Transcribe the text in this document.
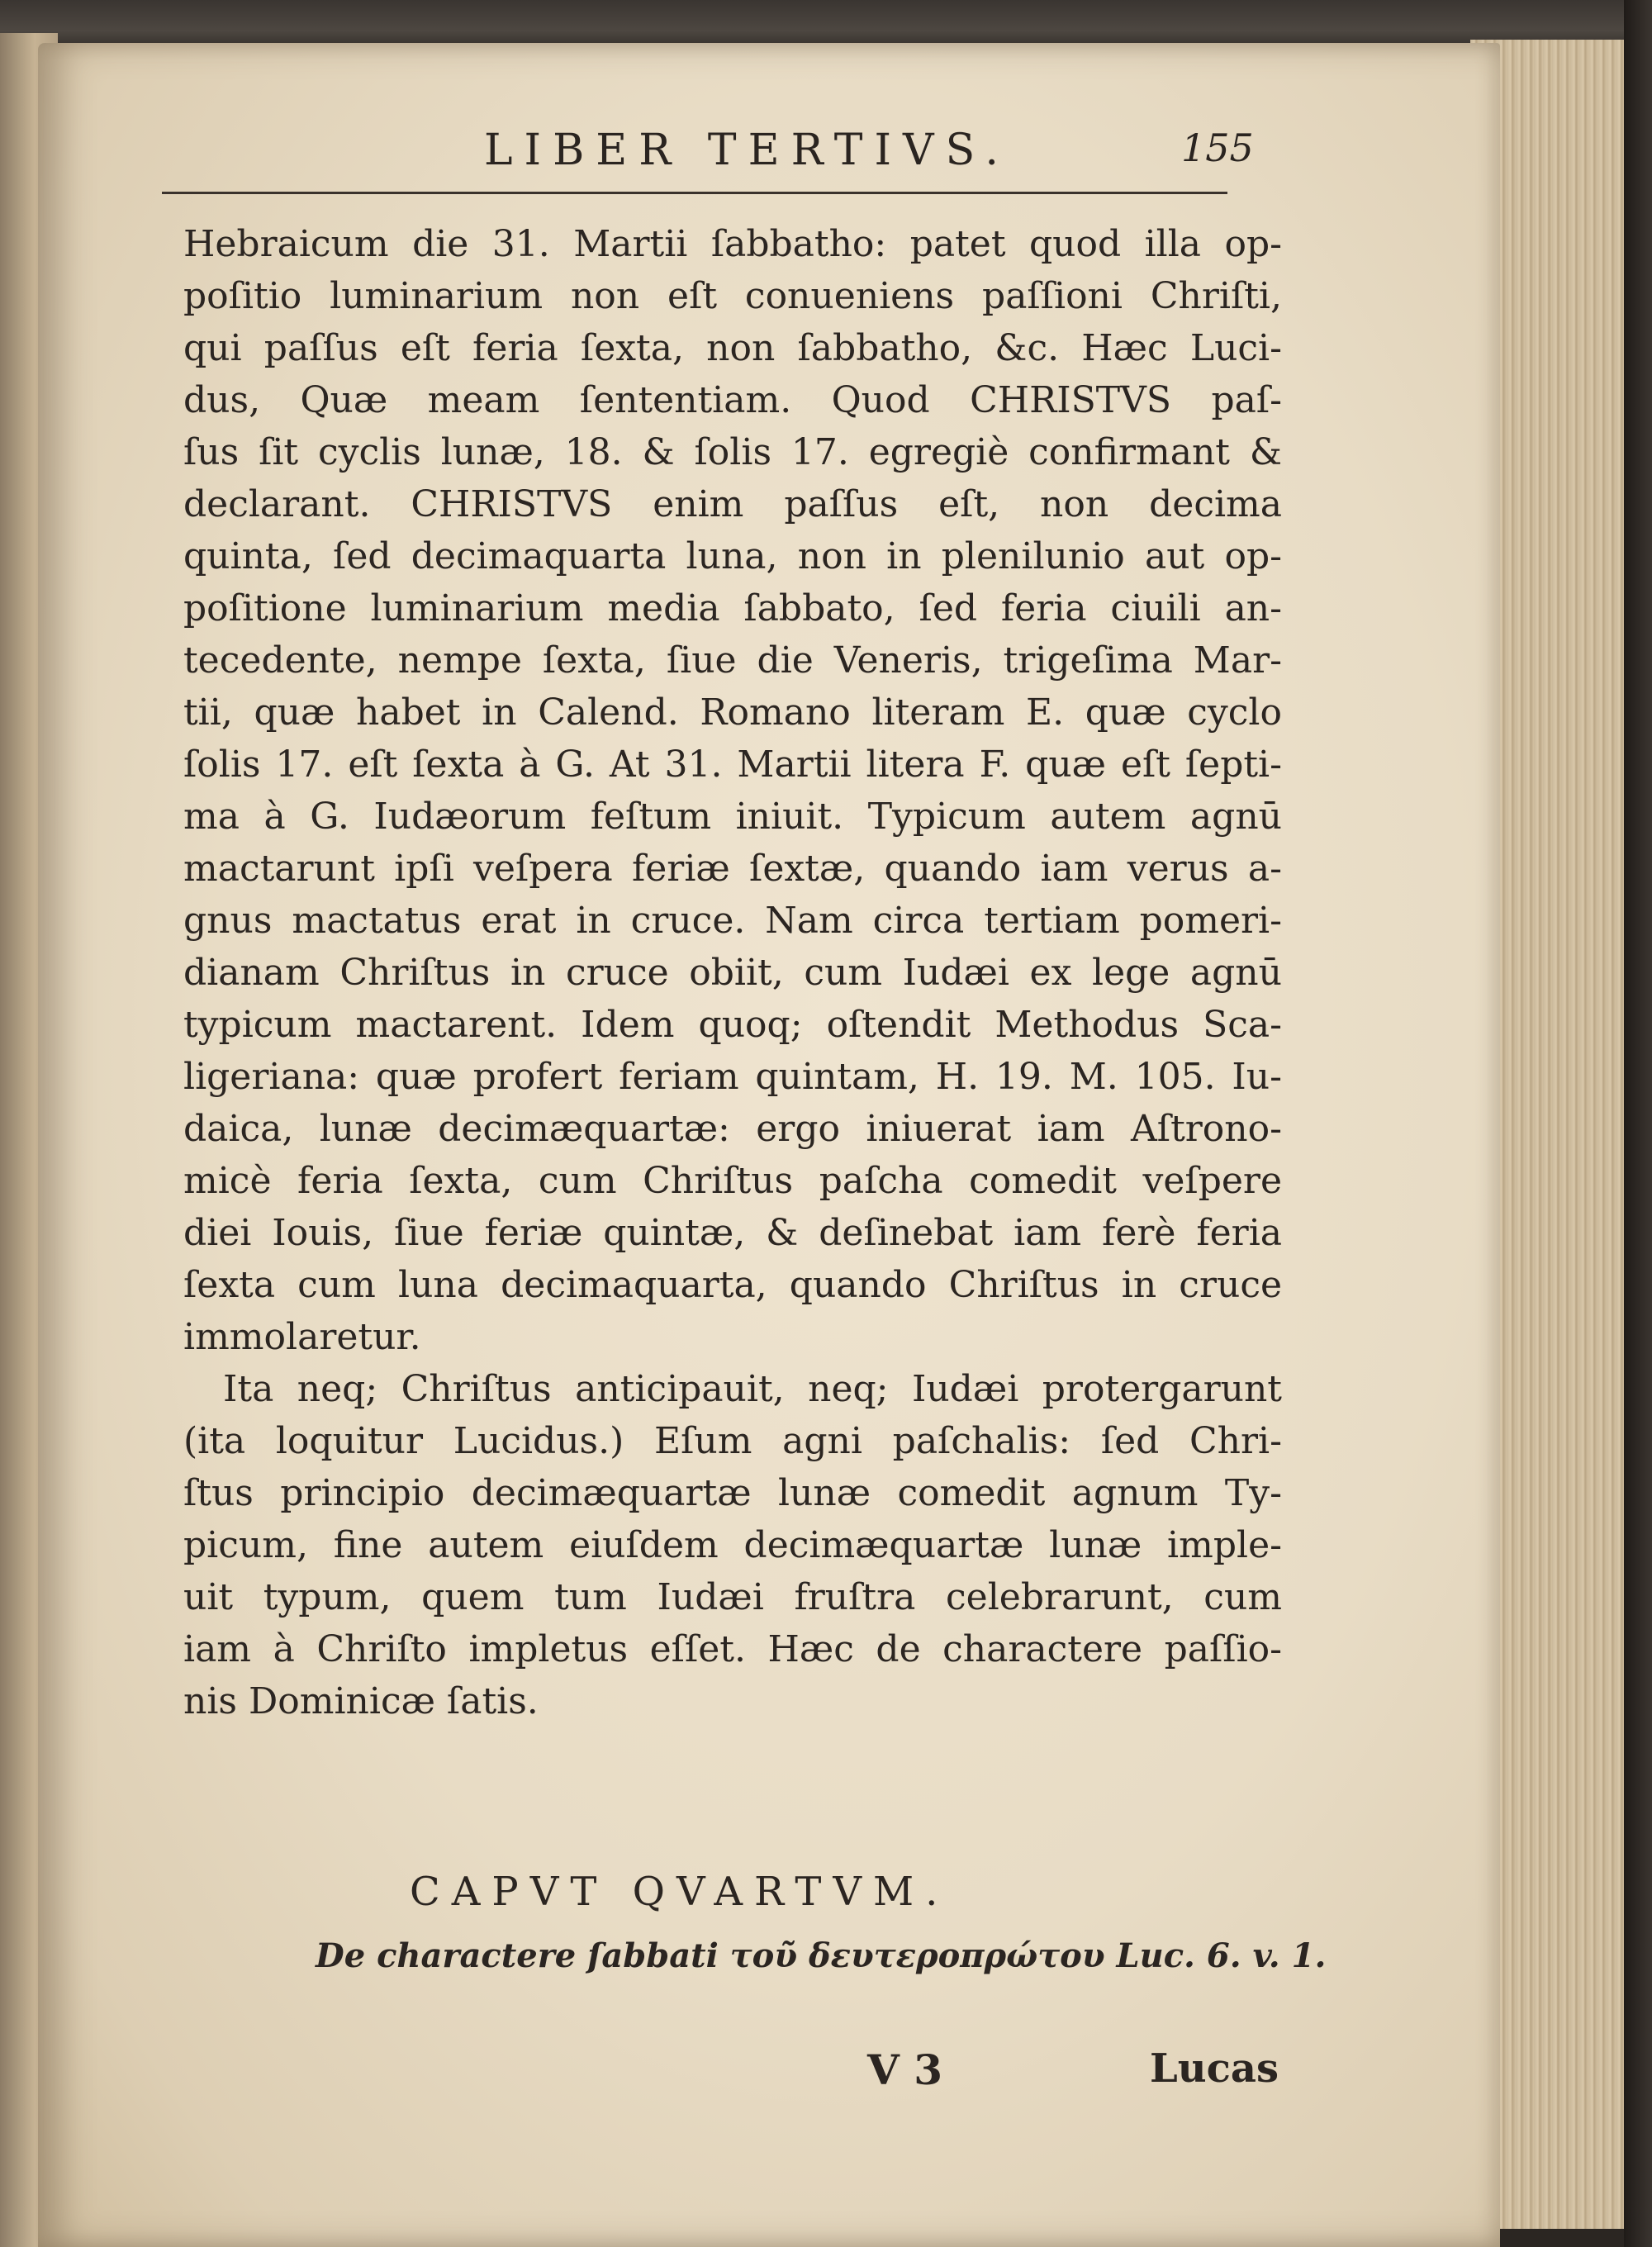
LIBER TERTIVS.	155
Hebraicum die 31. Martii ſabbatho: patet quod illa op-
poſitio luminarium non eſt conueniens paſſioni Chriſti,
qui paſſus eſt feria ſexta, non ſabbatho, &c. Hæc Luci-
dus, Quæ meam ſententiam. Quod CHRISTVS paſ-
ſus ſit cyclis lunæ, 18. & ſolis 17. egregiè confirmant &
declarant. CHRISTVS enim paſſus eſt, non decima
quinta, ſed decimaquarta luna, non in plenilunio aut op-
poſitione luminarium media ſabbato, ſed feria ciuili an-
tecedente, nempe ſexta, ſiue die Veneris, trigeſima Mar-
tii, quæ habet in Calend. Romano literam E. quæ cyclo
ſolis 17. eſt ſexta à G. At 31. Martii litera F. quæ eſt ſepti-
ma à G. Iudæorum feſtum iniuit. Typicum autem agnū
mactarunt ipſi veſpera feriæ ſextæ, quando iam verus a-
gnus mactatus erat in cruce. Nam circa tertiam pomeri-
dianam Chriſtus in cruce obiit, cum Iudæi ex lege agnū
typicum mactarent. Idem quoq; oſtendit Methodus Sca-
ligeriana: quæ profert feriam quintam, H. 19. M. 105. Iu-
daica, lunæ decimæquartæ: ergo iniuerat iam Aſtrono-
micè feria ſexta, cum Chriſtus paſcha comedit veſpere
diei Iouis, ſiue feriæ quintæ, & deſinebat iam ferè feria
ſexta cum luna decimaquarta, quando Chriſtus in cruce
immolaretur.
Ita neq; Chriſtus anticipauit, neq; Iudæi protergarunt
(ita loquitur Lucidus.) Eſum agni paſchalis: ſed Chri-
ſtus principio decimæquartæ lunæ comedit agnum Ty-
picum, fine autem eiuſdem decimæquartæ lunæ imple-
uit typum, quem tum Iudæi fruſtra celebrarunt, cum
iam à Chriſto impletus eſſet. Hæc de charactere paſſio-
nis Dominicæ ſatis.
CAPVT QVARTVM.
De charactere ſabbati τοῦ δευτεροπρώτου Luc. 6. v. 1.
V 3	Lucas
